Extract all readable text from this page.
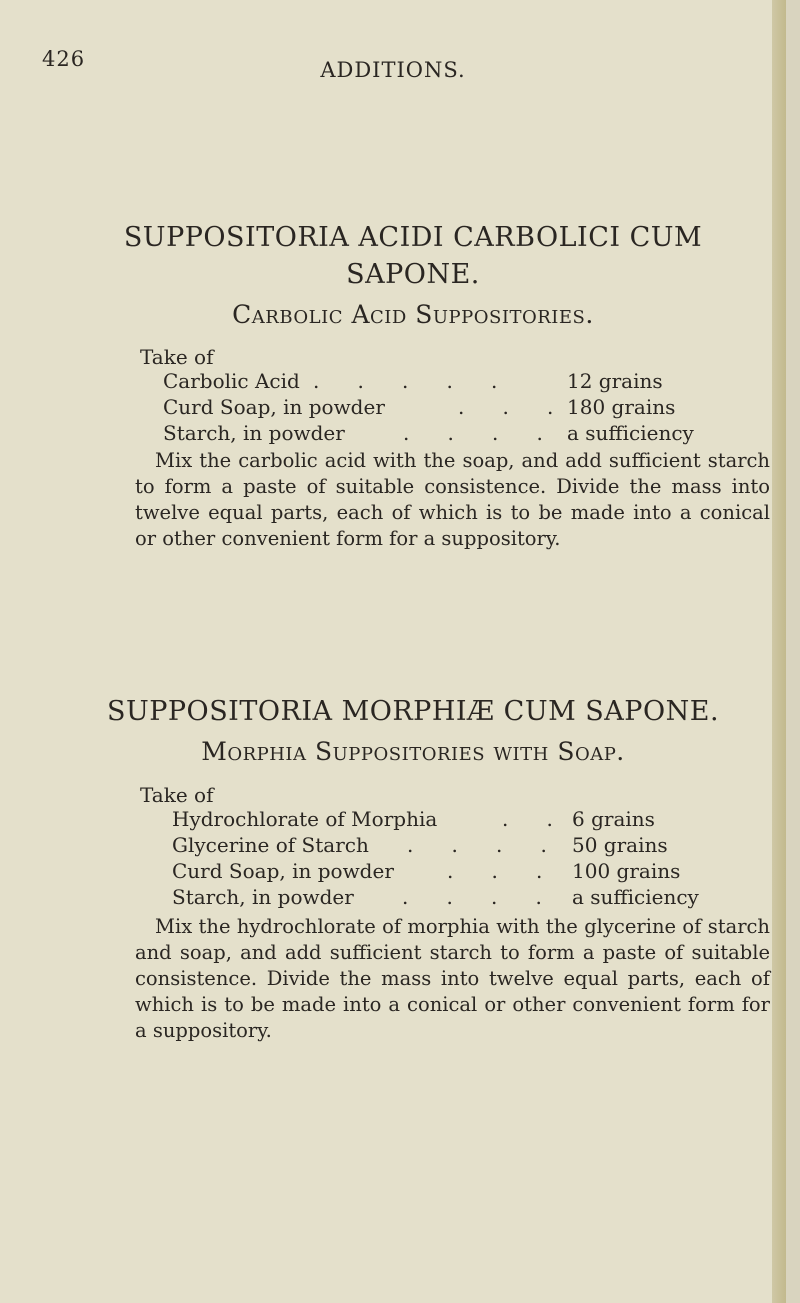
426	ADDITIONS.
SUPPOSITORIA ACIDI CARBOLICI CUM
SAPONE.
Carbolic Acid Suppositories.
Take of
Carbolic Acid .      .      .      .      .	12 grains
Curd Soap, in powder	.      .      . 180 grains
Starch, in powder	.      .      .      . a sufficiency

Mix the carbolic acid with the soap, and add sufficient starch to form a paste of suitable consistence. Divide the mass into twelve equal parts, each of which is to be made into a conical or other convenient form for a suppository.

SUPPOSITORIA MORPHIÆ CUM SAPONE.
Morphia Suppositories with Soap.
Take of
Hydrochlorate of Morphia	.      . 6 grains
Glycerine of Starch .      .      .      . 50 grains
Curd Soap, in powder	.      .      . 100 grains
Starch, in powder .      .      .      . a sufficiency

Mix the hydrochlorate of morphia with the glycerine of starch and soap, and add sufficient starch to form a paste of suitable consistence. Divide the mass into twelve equal parts, each of which is to be made into a conical or other convenient form for a suppository.
